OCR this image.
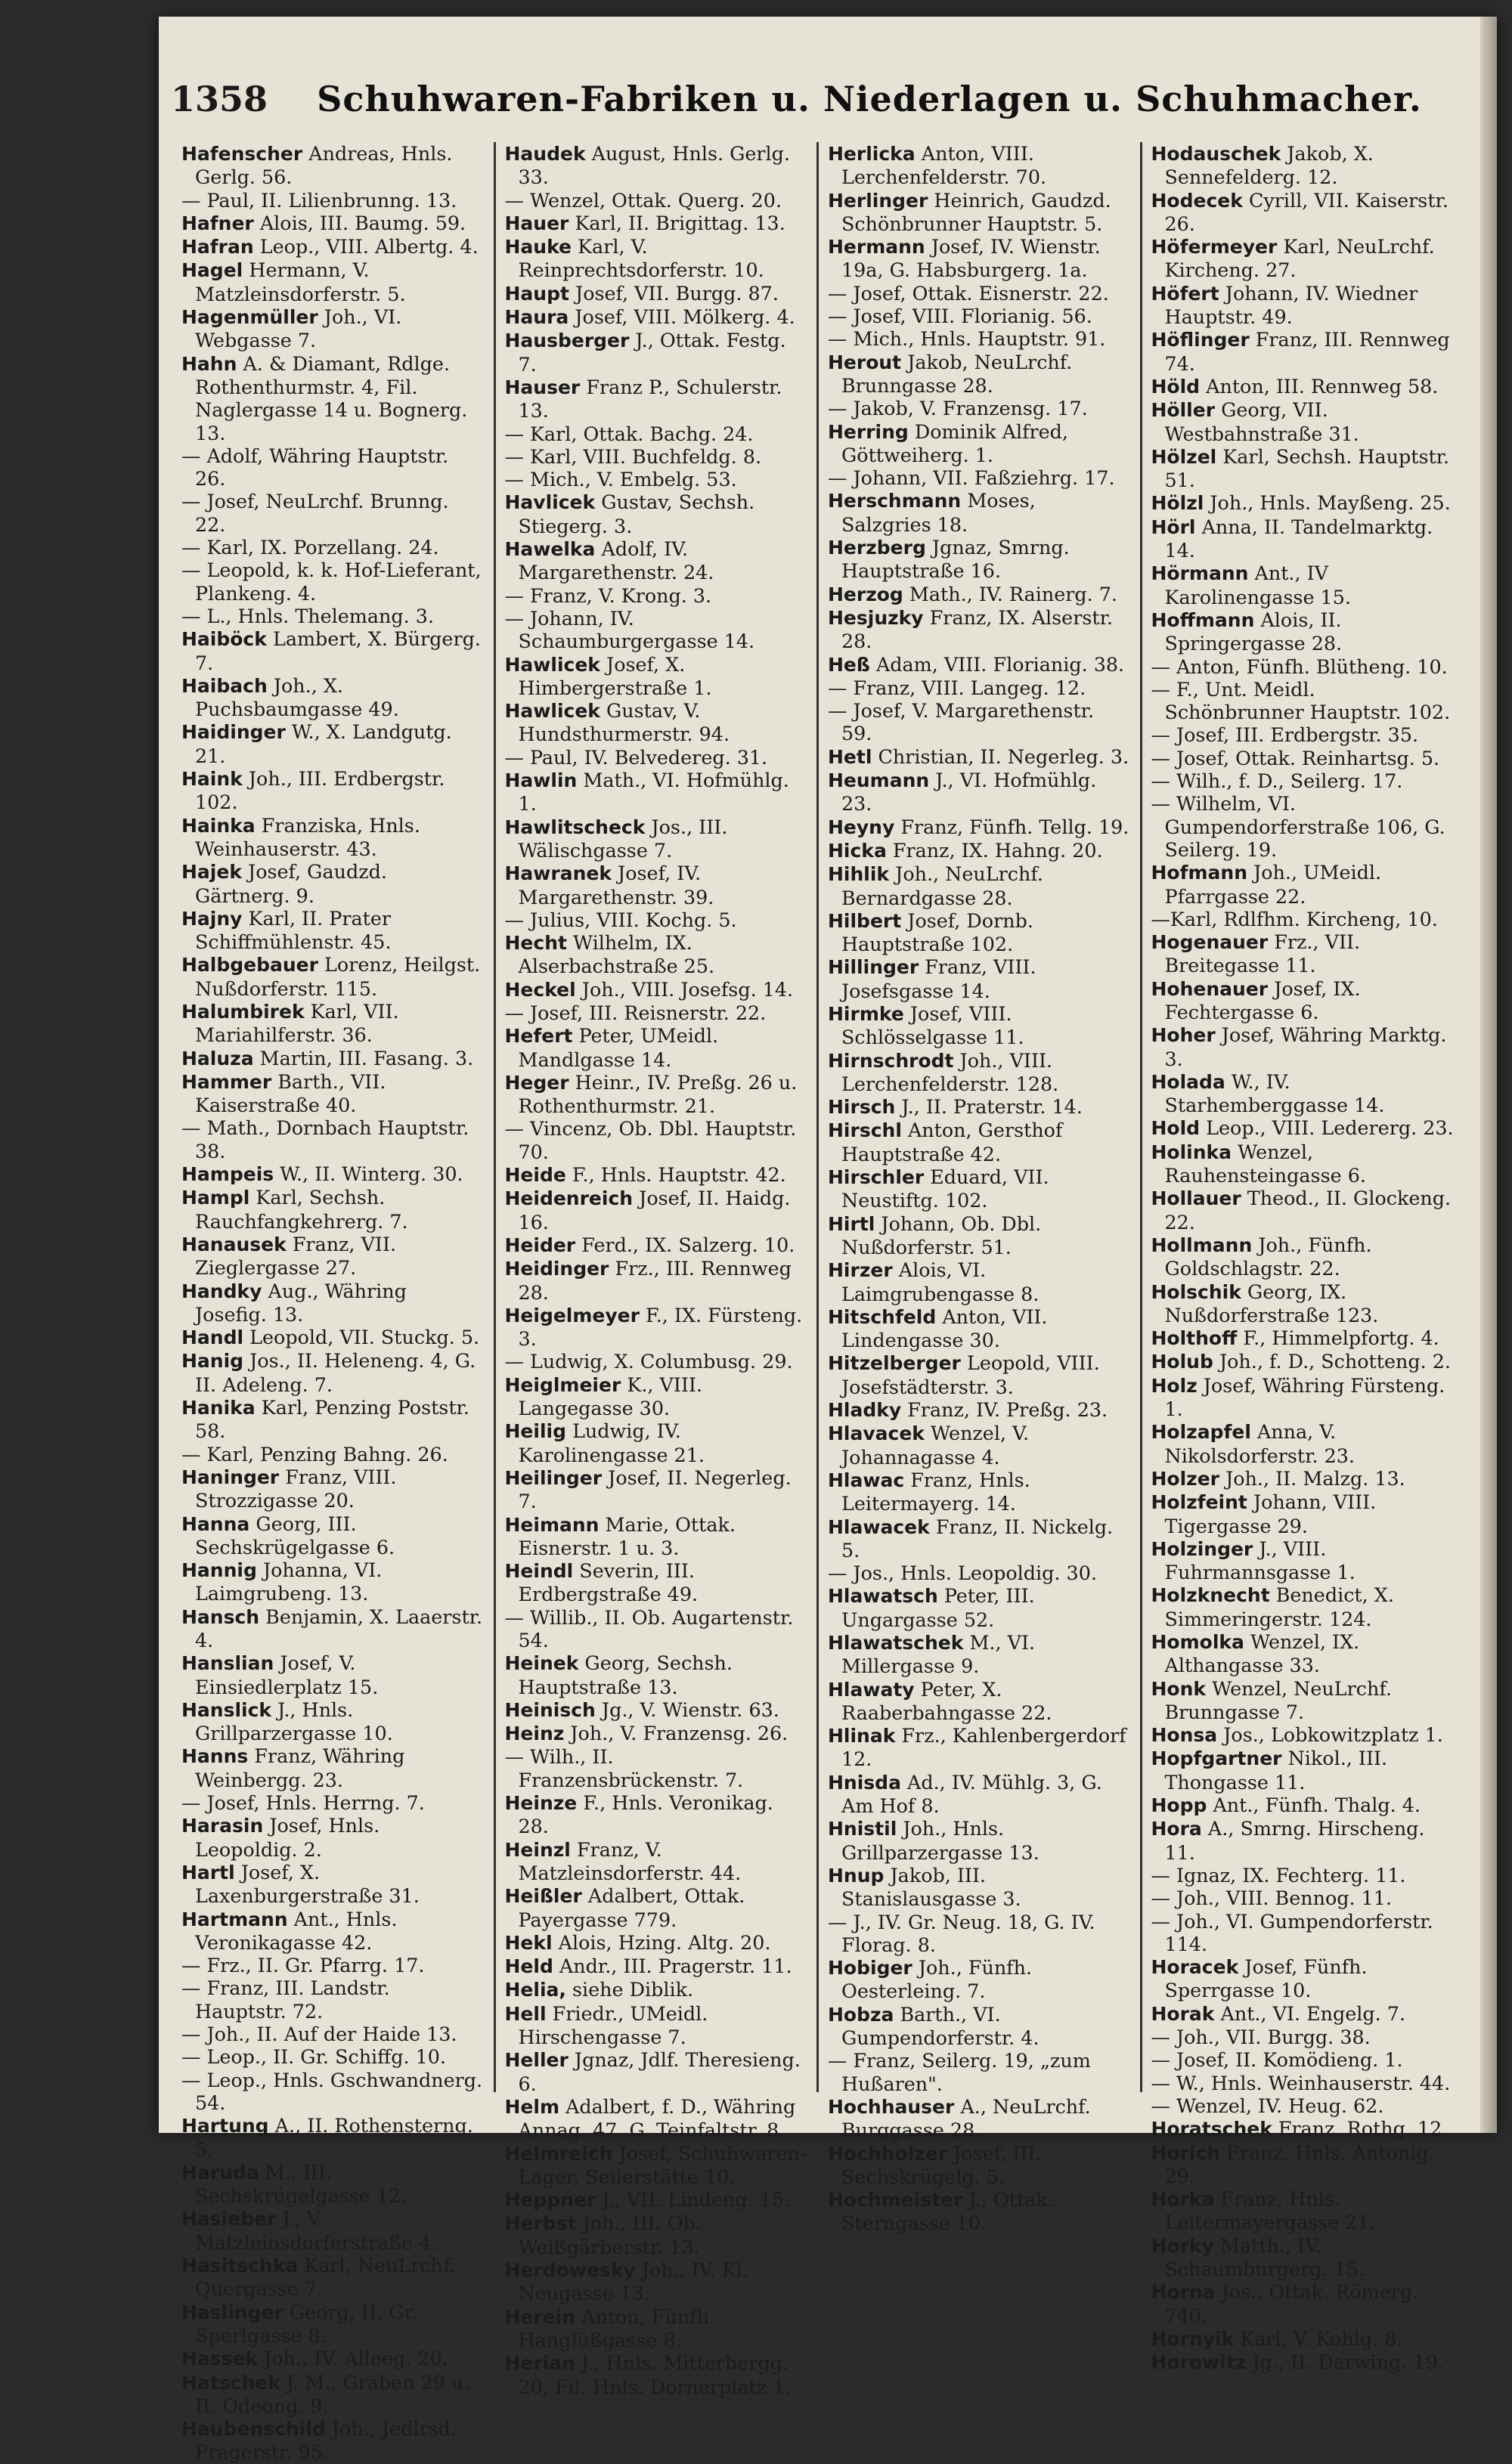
1358	Schuhwaren-Fabriken u. Niederlagen u. Schuhmacher.
Hafenscher Andreas, Hnls. Gerlg. 56.
— Paul, II. Lilienbrunng. 13.
Hafner Alois, III. Baumg. 59.
Hafran Leop., VIII. Albertg. 4.
Hagel Hermann, V. Matzleinsdorferstr. 5.
Hagenmüller Joh., VI. Webgasse 7.
Hahn A. & Diamant, Rdlge. Rothenthurmstr. 4, Fil. Naglergasse 14 u. Bognerg. 13.
— Adolf, Währing Hauptstr. 26.
— Josef, NeuLrchf. Brunng. 22.
— Karl, IX. Porzellang. 24.
— Leopold, k. k. Hof-Lieferant, Plankeng. 4.
— L., Hnls. Thelemang. 3.
Haiböck Lambert, X. Bürgerg. 7.
Haibach Joh., X. Puchsbaumgasse 49.
Haidinger W., X. Landgutg. 21.
Haink Joh., III. Erdbergstr. 102.
Hainka Franziska, Hnls. Weinhauserstr. 43.
Hajek Josef, Gaudzd. Gärtnerg. 9.
Hajny Karl, II. Prater Schiffmühlenstr. 45.
Halbgebauer Lorenz, Heilgst. Nußdorferstr. 115.
Halumbirek Karl, VII. Mariahilferstr. 36.
Haluza Martin, III. Fasang. 3.
Hammer Barth., VII. Kaiserstraße 40.
— Math., Dornbach Hauptstr. 38.
Hampeis W., II. Winterg. 30.
Hampl Karl, Sechsh. Rauchfangkehrerg. 7.
Hanausek Franz, VII. Zieglergasse 27.
Handky Aug., Währing Josefig. 13.
Handl Leopold, VII. Stuckg. 5.
Hanig Jos., II. Heleneng. 4, G. II. Adeleng. 7.
Hanika Karl, Penzing Poststr. 58.
— Karl, Penzing Bahng. 26.
Haninger Franz, VIII. Strozzigasse 20.
Hanna Georg, III. Sechskrügelgasse 6.
Hannig Johanna, VI. Laimgrubeng. 13.
Hansch Benjamin, X. Laaerstr. 4.
Hanslian Josef, V. Einsiedlerplatz 15.
Hanslick J., Hnls. Grillparzergasse 10.
Hanns Franz, Währing Weinbergg. 23.
— Josef, Hnls. Herrng. 7.
Harasin Josef, Hnls. Leopoldig. 2.
Hartl Josef, X. Laxenburgerstraße 31.
Hartmann Ant., Hnls. Veronikagasse 42.
— Frz., II. Gr. Pfarrg. 17.
— Franz, III. Landstr. Hauptstr. 72.
— Joh., II. Auf der Haide 13.
— Leop., II. Gr. Schiffg. 10.
— Leop., Hnls. Gschwandnerg. 54.
Hartung A., II. Rothensterng. 5.
Haruda M., III. Sechskrügelgasse 12.
Hasieber J., V. Matzleinsdorferstraße 4.
Hasitschka Karl, NeuLrchf. Quergasse 7.
Haslinger Georg, II. Gr. Sperlgasse 8.
Hassek Joh., IV. Alleeg. 20.
Hatschek J. M., Graben 29 u. II. Odeong. 9.
Haubenschild Joh., Jedlrsd. Pragerstr. 95.
Haudek August, Hnls. Gerlg. 33.
— Wenzel, Ottak. Querg. 20.
Hauer Karl, II. Brigittag. 13.
Hauke Karl, V. Reinprechtsdorferstr. 10.
Haupt Josef, VII. Burgg. 87.
Haura Josef, VIII. Mölkerg. 4.
Hausberger J., Ottak. Festg. 7.
Hauser Franz P., Schulerstr. 13.
— Karl, Ottak. Bachg. 24.
— Karl, VIII. Buchfeldg. 8.
— Mich., V. Embelg. 53.
Havlicek Gustav, Sechsh. Stiegerg. 3.
Hawelka Adolf, IV. Margarethenstr. 24.
— Franz, V. Krong. 3.
— Johann, IV. Schaumburgergasse 14.
Hawlicek Josef, X. Himbergerstraße 1.
Hawlicek Gustav, V. Hundsthurmerstr. 94.
— Paul, IV. Belvedereg. 31.
Hawlin Math., VI. Hofmühlg. 1.
Hawlitscheck Jos., III. Wälischgasse 7.
Hawranek Josef, IV. Margarethenstr. 39.
— Julius, VIII. Kochg. 5.
Hecht Wilhelm, IX. Alserbachstraße 25.
Heckel Joh., VIII. Josefsg. 14.
— Josef, III. Reisnerstr. 22.
Hefert Peter, UMeidl. Mandlgasse 14.
Heger Heinr., IV. Preßg. 26 u. Rothenthurmstr. 21.
— Vincenz, Ob. Dbl. Hauptstr. 70.
Heide F., Hnls. Hauptstr. 42.
Heidenreich Josef, II. Haidg. 16.
Heider Ferd., IX. Salzerg. 10.
Heidinger Frz., III. Rennweg 28.
Heigelmeyer F., IX. Fürsteng. 3.
— Ludwig, X. Columbusg. 29.
Heiglmeier K., VIII. Langegasse 30.
Heilig Ludwig, IV. Karolinengasse 21.
Heilinger Josef, II. Negerleg. 7.
Heimann Marie, Ottak. Eisnerstr. 1 u. 3.
Heindl Severin, III. Erdbergstraße 49.
— Willib., II. Ob. Augartenstr. 54.
Heinek Georg, Sechsh. Hauptstraße 13.
Heinisch Jg., V. Wienstr. 63.
Heinz Joh., V. Franzensg. 26.
— Wilh., II. Franzensbrückenstr. 7.
Heinze F., Hnls. Veronikag. 28.
Heinzl Franz, V. Matzleinsdorferstr. 44.
Heißler Adalbert, Ottak. Payergasse 779.
Hekl Alois, Hzing. Altg. 20.
Held Andr., III. Pragerstr. 11.
Helia, siehe Diblik.
Hell Friedr., UMeidl. Hirschengasse 7.
Heller Jgnaz, Jdlf. Theresieng. 6.
Helm Adalbert, f. D., Währing Annag. 47, G. Teinfaltstr. 8.
Helmreich Josef, Schuhwaren-Lager, Seilerstätte 10.
Heppner J., VII. Lindeng. 15.
Herbst Joh., III. Ob. Weißgärberstr. 13.
Herdowesky Joh., IV. Kl. Neugasse 13.
Herein Anton, Fünfh. Hanglüßgasse 8.
Herian J., Hnls. Mitterbergg. 20, Fil. Hnls. Dornerplatz 1.
Herlicka Anton, VIII. Lerchenfelderstr. 70.
Herlinger Heinrich, Gaudzd. Schönbrunner Hauptstr. 5.
Hermann Josef, IV. Wienstr. 19a, G. Habsburgerg. 1a.
— Josef, Ottak. Eisnerstr. 22.
— Josef, VIII. Florianig. 56.
— Mich., Hnls. Hauptstr. 91.
Herout Jakob, NeuLrchf. Brunngasse 28.
— Jakob, V. Franzensg. 17.
Herring Dominik Alfred, Göttweiherg. 1.
— Johann, VII. Faßziehrg. 17.
Herschmann Moses, Salzgries 18.
Herzberg Jgnaz, Smrng. Hauptstraße 16.
Herzog Math., IV. Rainerg. 7.
Hesjuzky Franz, IX. Alserstr. 28.
Heß Adam, VIII. Florianig. 38.
— Franz, VIII. Langeg. 12.
— Josef, V. Margarethenstr. 59.
Hetl Christian, II. Negerleg. 3.
Heumann J., VI. Hofmühlg. 23.
Heyny Franz, Fünfh. Tellg. 19.
Hicka Franz, IX. Hahng. 20.
Hihlik Joh., NeuLrchf. Bernardgasse 28.
Hilbert Josef, Dornb. Hauptstraße 102.
Hillinger Franz, VIII. Josefsgasse 14.
Hirmke Josef, VIII. Schlösselgasse 11.
Hirnschrodt Joh., VIII. Lerchenfelderstr. 128.
Hirsch J., II. Praterstr. 14.
Hirschl Anton, Gersthof Hauptstraße 42.
Hirschler Eduard, VII. Neustiftg. 102.
Hirtl Johann, Ob. Dbl. Nußdorferstr. 51.
Hirzer Alois, VI. Laimgrubengasse 8.
Hitschfeld Anton, VII. Lindengasse 30.
Hitzelberger Leopold, VIII. Josefstädterstr. 3.
Hladky Franz, IV. Preßg. 23.
Hlavacek Wenzel, V. Johannagasse 4.
Hlawac Franz, Hnls. Leitermayerg. 14.
Hlawacek Franz, II. Nickelg. 5.
— Jos., Hnls. Leopoldig. 30.
Hlawatsch Peter, III. Ungargasse 52.
Hlawatschek M., VI. Millergasse 9.
Hlawaty Peter, X. Raaberbahngasse 22.
Hlinak Frz., Kahlenbergerdorf 12.
Hnisda Ad., IV. Mühlg. 3, G. Am Hof 8.
Hnistil Joh., Hnls. Grillparzergasse 13.
Hnup Jakob, III. Stanislausgasse 3.
— J., IV. Gr. Neug. 18, G. IV. Florag. 8.
Hobiger Joh., Fünfh. Oesterleing. 7.
Hobza Barth., VI. Gumpendorferstr. 4.
— Franz, Seilerg. 19, „zum Hußaren".
Hochhauser A., NeuLrchf. Burggasse 28.
Hochholzer Josef, III. Sechskrügelg. 5.
Hochmeister J., Ottak. Sterngasse 10.
Hodauschek Jakob, X. Sennefelderg. 12.
Hodecek Cyrill, VII. Kaiserstr. 26.
Höfermeyer Karl, NeuLrchf. Kircheng. 27.
Höfert Johann, IV. Wiedner Hauptstr. 49.
Höflinger Franz, III. Rennweg 74.
Höld Anton, III. Rennweg 58.
Höller Georg, VII. Westbahnstraße 31.
Hölzel Karl, Sechsh. Hauptstr. 51.
Hölzl Joh., Hnls. Mayßeng. 25.
Hörl Anna, II. Tandelmarktg. 14.
Hörmann Ant., IV Karolinengasse 15.
Hoffmann Alois, II. Springergasse 28.
— Anton, Fünfh. Blütheng. 10.
— F., Unt. Meidl. Schönbrunner Hauptstr. 102.
— Josef, III. Erdbergstr. 35.
— Josef, Ottak. Reinhartsg. 5.
— Wilh., f. D., Seilerg. 17.
— Wilhelm, VI. Gumpendorferstraße 106, G. Seilerg. 19.
Hofmann Joh., UMeidl. Pfarrgasse 22.
—Karl, Rdlfhm. Kircheng, 10.
Hogenauer Frz., VII. Breitegasse 11.
Hohenauer Josef, IX. Fechtergasse 6.
Hoher Josef, Währing Marktg. 3.
Holada W., IV. Starhemberggasse 14.
Hold Leop., VIII. Ledererg. 23.
Holinka Wenzel, Rauhensteingasse 6.
Hollauer Theod., II. Glockeng. 22.
Hollmann Joh., Fünfh. Goldschlagstr. 22.
Holschik Georg, IX. Nußdorferstraße 123.
Holthoff F., Himmelpfortg. 4.
Holub Joh., f. D., Schotteng. 2.
Holz Josef, Währing Fürsteng. 1.
Holzapfel Anna, V. Nikolsdorferstr. 23.
Holzer Joh., II. Malzg. 13.
Holzfeint Johann, VIII. Tigergasse 29.
Holzinger J., VIII. Fuhrmannsgasse 1.
Holzknecht Benedict, X. Simmeringerstr. 124.
Homolka Wenzel, IX. Althangasse 33.
Honk Wenzel, NeuLrchf. Brunngasse 7.
Honsa Jos., Lobkowitzplatz 1.
Hopfgartner Nikol., III. Thongasse 11.
Hopp Ant., Fünfh. Thalg. 4.
Hora A., Smrng. Hirscheng. 11.
— Ignaz, IX. Fechterg. 11.
— Joh., VIII. Bennog. 11.
— Joh., VI. Gumpendorferstr. 114.
Horacek Josef, Fünfh. Sperrgasse 10.
Horak Ant., VI. Engelg. 7.
— Joh., VII. Burgg. 38.
— Josef, II. Komödieng. 1.
— W., Hnls. Weinhauserstr. 44.
— Wenzel, IV. Heug. 62.
Horatschek Franz, Rothg. 12.
Horich Franz, Hnls. Antonig. 29.
Horka Franz, Hnls. Leitermayergasse 21.
Horky Matth., IV. Schaumburgerg. 15.
Horna Jos., Ottak. Römerg. 740.
Hornyik Karl, V. Kohlg. 8.
Horowitz Jg., II. Darwing. 19.
